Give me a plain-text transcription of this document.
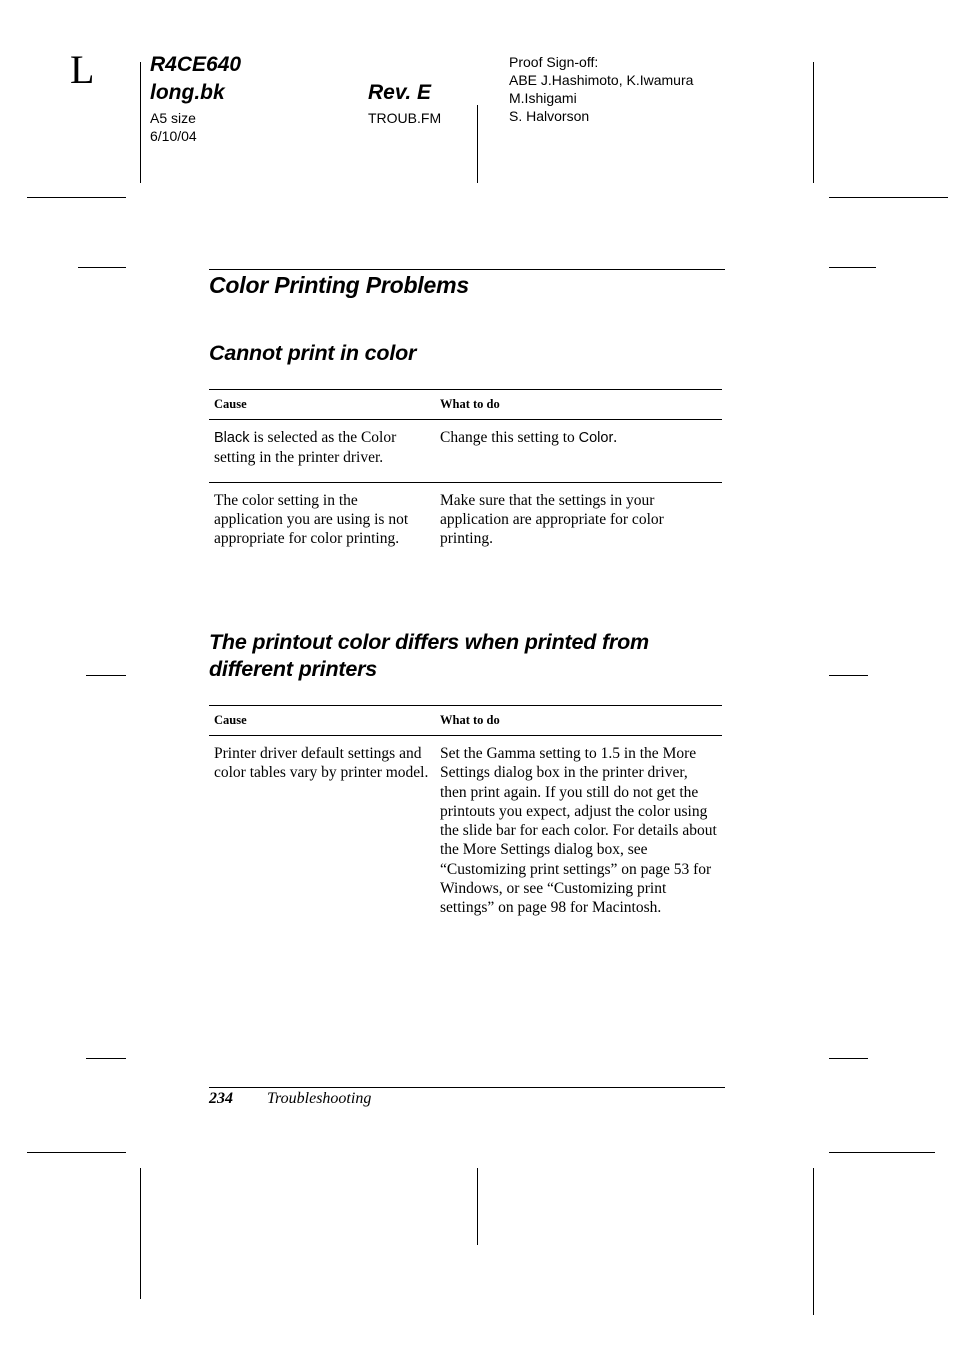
L	R4CE640
long.bk
A5 size
6/10/04
Rev. E
TROUB.FM
Proof Sign-off:
ABE J.Hashimoto, K.Iwamura
M.Ishigami
S. Halvorson
Color Printing Problems
Cannot print in color
Cause	What to do
Black is selected as the Color setting in the printer driver.	Change this setting to Color.
The color setting in the application you are using is not appropriate for color printing.	Make sure that the settings in your application are appropriate for color printing.
The printout color differs when printed from
different printers
Cause	What to do
Printer driver default settings and color tables vary by printer model.	Set the Gamma setting to 1.5 in the More Settings dialog box in the printer driver, then print again. If you still do not get the printouts you expect, adjust the color using the slide bar for each color. For details about the More Settings dialog box, see “Customizing print settings” on page 53 for Windows, or see “Customizing print settings” on page 98 for Macintosh.
234 Troubleshooting
